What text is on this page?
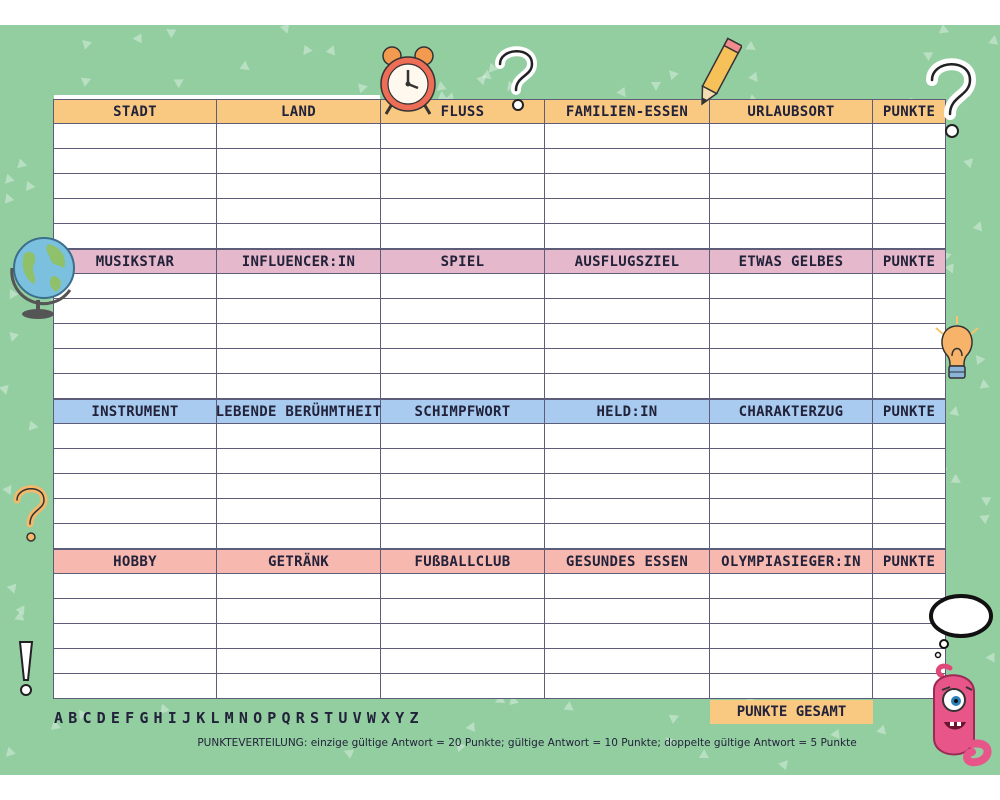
STADT	LAND	FLUSS	FAMILIEN-ESSEN	URLAUBSORT	PUNKTE
MUSIKSTAR	INFLUENCER:IN	SPIEL	AUSFLUGSZIEL	ETWAS GELBES	PUNKTE
INSTRUMENT	LEBENDE BERÜHMTHEIT	SCHIMPFWORT	HELD:IN	CHARAKTERZUG	PUNKTE
HOBBY	GETRÄNK	FUßBALLCLUB	GESUNDES ESSEN	OLYMPIASIEGER:IN	PUNKTE
PUNKTE GESAMT
A B C D E F G H I J K L M N O P Q R S T U V W X Y Z
PUNKTEVERTEILUNG: einzige gültige Antwort = 20 Punkte; gültige Antwort = 10 Punkte; doppelte gültige Antwort = 5 Punkte
